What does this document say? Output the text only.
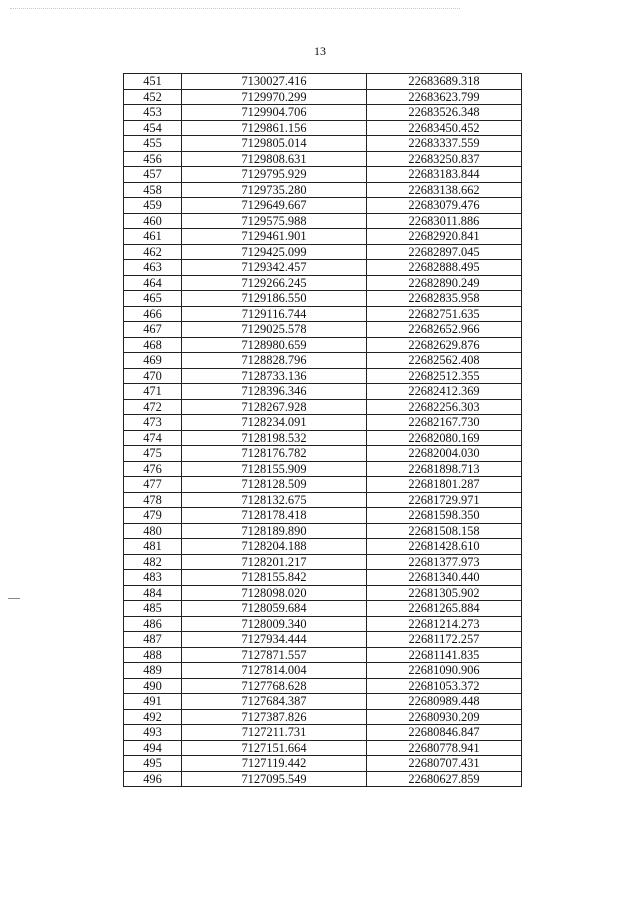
13
451	7130027.416	22683689.318
452	7129970.299	22683623.799
453	7129904.706	22683526.348
454	7129861.156	22683450.452
455	7129805.014	22683337.559
456	7129808.631	22683250.837
457	7129795.929	22683183.844
458	7129735.280	22683138.662
459	7129649.667	22683079.476
460	7129575.988	22683011.886
461	7129461.901	22682920.841
462	7129425.099	22682897.045
463	7129342.457	22682888.495
464	7129266.245	22682890.249
465	7129186.550	22682835.958
466	7129116.744	22682751.635
467	7129025.578	22682652.966
468	7128980.659	22682629.876
469	7128828.796	22682562.408
470	7128733.136	22682512.355
471	7128396.346	22682412.369
472	7128267.928	22682256.303
473	7128234.091	22682167.730
474	7128198.532	22682080.169
475	7128176.782	22682004.030
476	7128155.909	22681898.713
477	7128128.509	22681801.287
478	7128132.675	22681729.971
479	7128178.418	22681598.350
480	7128189.890	22681508.158
481	7128204.188	22681428.610
482	7128201.217	22681377.973
483	7128155.842	22681340.440
484	7128098.020	22681305.902
485	7128059.684	22681265.884
486	7128009.340	22681214.273
487	7127934.444	22681172.257
488	7127871.557	22681141.835
489	7127814.004	22681090.906
490	7127768.628	22681053.372
491	7127684.387	22680989.448
492	7127387.826	22680930.209
493	7127211.731	22680846.847
494	7127151.664	22680778.941
495	7127119.442	22680707.431
496	7127095.549	22680627.859
